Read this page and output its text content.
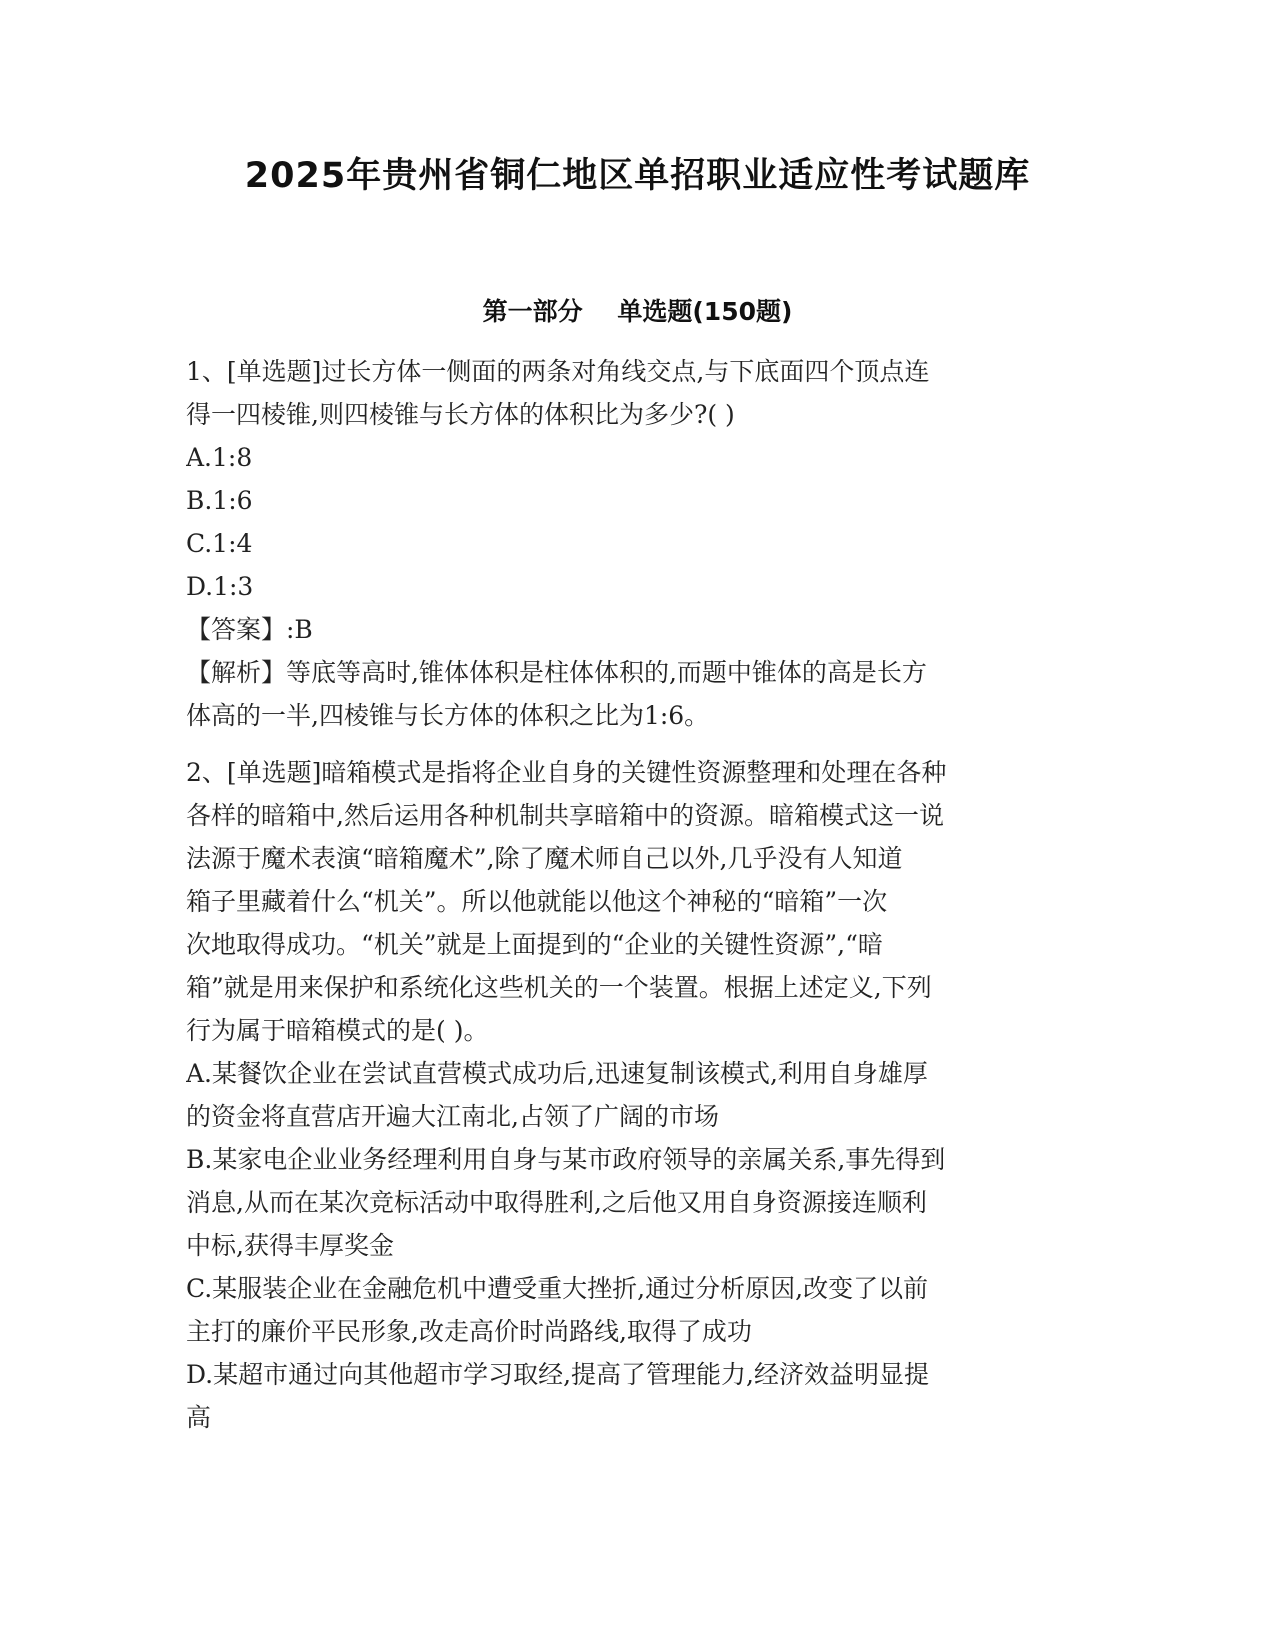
2025年贵州省铜仁地区单招职业适应性考试题库
第一部分    单选题(150题)
1、[单选题]过长方体一侧面的两条对角线交点,与下底面四个顶点连
得一四棱锥,则四棱锥与长方体的体积比为多少?( )
A.1:8
B.1:6
C.1:4
D.1:3
【答案】:B
【解析】等底等高时,锥体体积是柱体体积的,而题中锥体的高是长方
体高的一半,四棱锥与长方体的体积之比为1:6。
2、[单选题]暗箱模式是指将企业自身的关键性资源整理和处理在各种
各样的暗箱中,然后运用各种机制共享暗箱中的资源。暗箱模式这一说
法源于魔术表演“暗箱魔术”,除了魔术师自己以外,几乎没有人知道
箱子里藏着什么“机关”。所以他就能以他这个神秘的“暗箱”一次
次地取得成功。“机关”就是上面提到的“企业的关键性资源”,“暗
箱”就是用来保护和系统化这些机关的一个装置。根据上述定义,下列
行为属于暗箱模式的是( )。
A.某餐饮企业在尝试直营模式成功后,迅速复制该模式,利用自身雄厚
的资金将直营店开遍大江南北,占领了广阔的市场
B.某家电企业业务经理利用自身与某市政府领导的亲属关系,事先得到
消息,从而在某次竞标活动中取得胜利,之后他又用自身资源接连顺利
中标,获得丰厚奖金
C.某服装企业在金融危机中遭受重大挫折,通过分析原因,改变了以前
主打的廉价平民形象,改走高价时尚路线,取得了成功
D.某超市通过向其他超市学习取经,提高了管理能力,经济效益明显提
高
